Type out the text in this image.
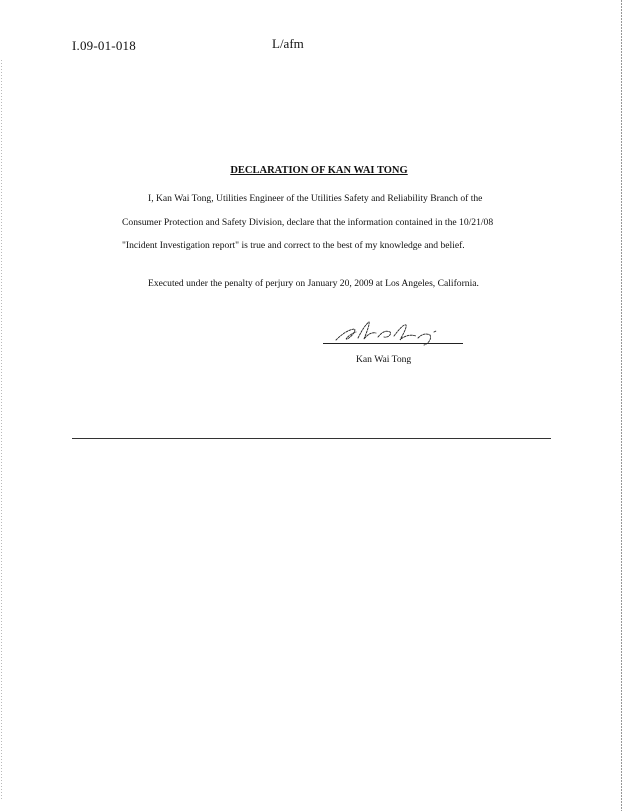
I.09-01-018	L/afm
DECLARATION OF KAN WAI TONG

I, Kan Wai Tong, Utilities Engineer of the Utilities Safety and Reliability Branch of the Consumer Protection and Safety Division, declare that the information contained in the 10/21/08 "Incident Investigation report" is true and correct to the best of my knowledge and belief.

Executed under the penalty of perjury on January 20, 2009 at Los Angeles, California.

Kan Wai Tong
